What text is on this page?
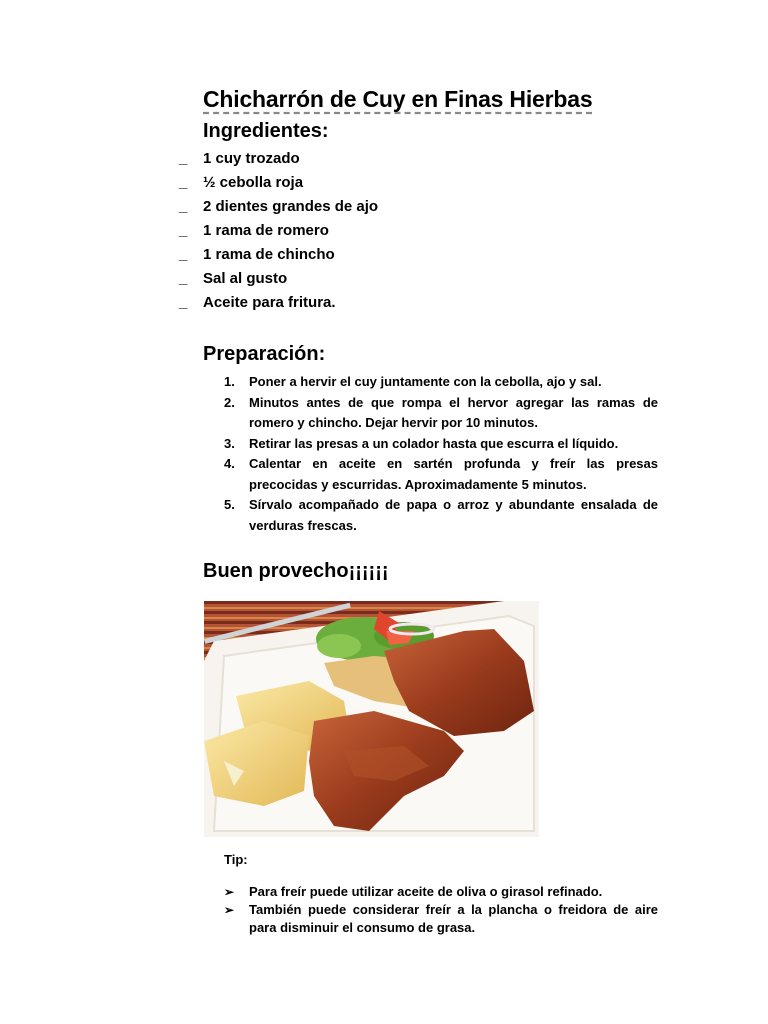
Chicharrón de Cuy en Finas Hierbas
Ingredientes:
_ 1 cuy trozado
_ ½ cebolla roja
_ 2 dientes grandes de ajo
_ 1 rama de romero
_ 1 rama de chincho
_ Sal al gusto
_ Aceite para fritura.
Preparación:
1. Poner a hervir el cuy juntamente con la cebolla, ajo y sal.
2. Minutos antes de que rompa el hervor agregar las ramas de romero y chincho. Dejar hervir por 10 minutos.
3. Retirar las presas a un colador hasta que escurra el líquido.
4. Calentar en aceite en sartén profunda y freír las presas precocidas y escurridas. Aproximadamente 5 minutos.
5. Sírvalo acompañado de papa o arroz y abundante ensalada de verduras frescas.
Buen provecho¡¡¡¡¡¡
Tip:
➢ Para freír puede utilizar aceite de oliva o girasol refinado.
➢ También puede considerar freír a la plancha o freidora de aire para disminuir el consumo de grasa.
